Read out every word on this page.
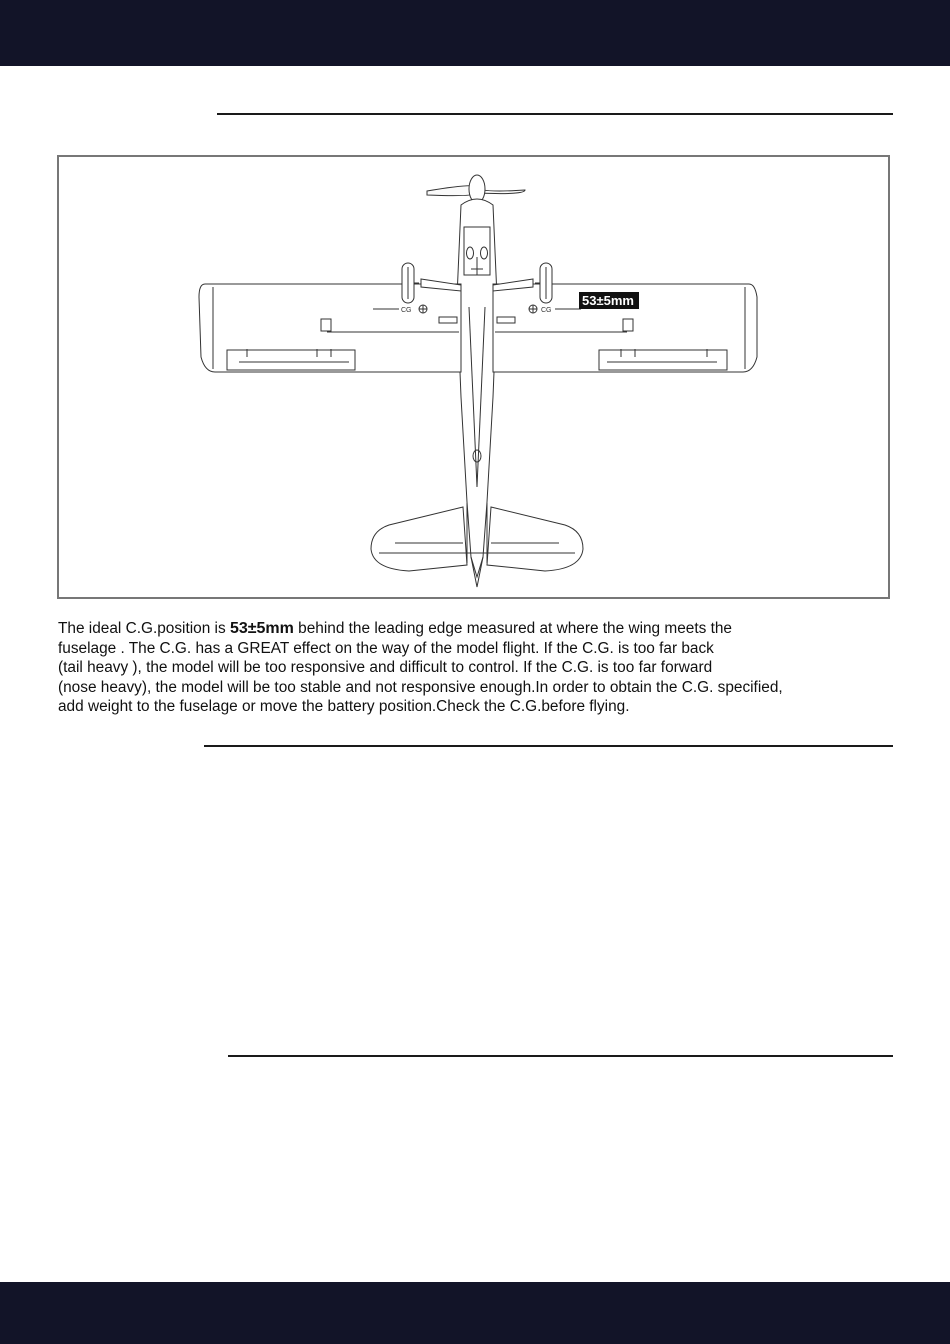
CG	CG
53±5mm

The ideal C.G.position is 53±5mm behind the leading edge measured at where the wing meets the

fuselage . The C.G. has a GREAT effect on the way of the model flight. If the C.G. is too far back

(tail heavy ), the model will be too responsive and difficult to control. If the C.G. is too far forward

(nose heavy), the model will be too stable and not responsive enough.In order to obtain the C.G. specified,

add weight to the fuselage or move the battery position.Check the C.G.before flying.
